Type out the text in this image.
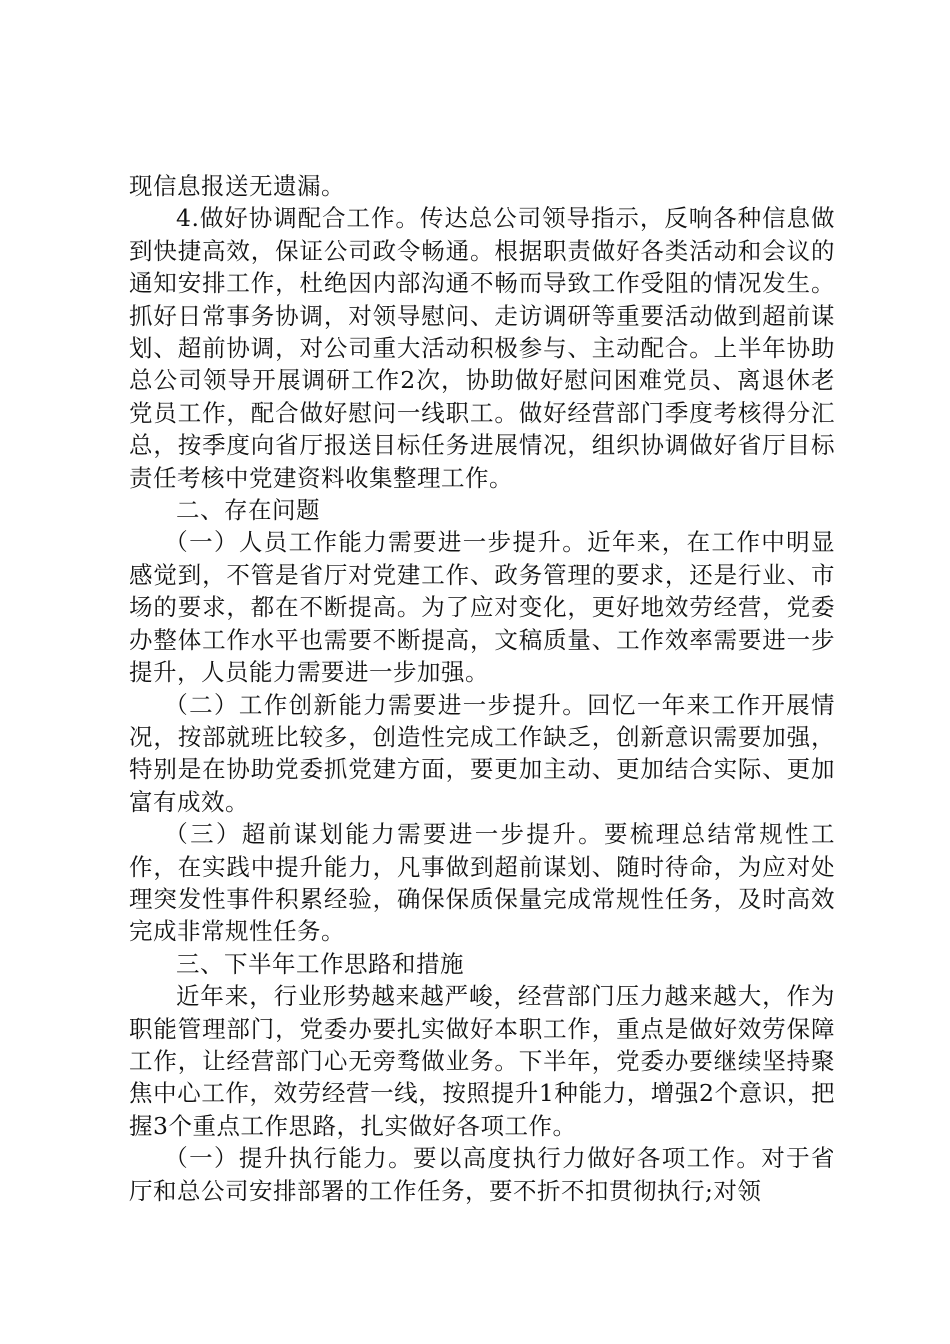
现信息报送无遗漏。

4.做好协调配合工作。传达总公司领导指示，反响各种信息做到快捷高效，保证公司政令畅通。根据职责做好各类活动和会议的通知安排工作，杜绝因内部沟通不畅而导致工作受阻的情况发生。抓好日常事务协调，对领导慰问、走访调研等重要活动做到超前谋划、超前协调，对公司重大活动积极参与、主动配合。上半年协助总公司领导开展调研工作2次，协助做好慰问困难党员、离退休老党员工作，配合做好慰问一线职工。做好经营部门季度考核得分汇总，按季度向省厅报送目标任务进展情况，组织协调做好省厅目标责任考核中党建资料收集整理工作。

二、存在问题

（一）人员工作能力需要进一步提升。近年来，在工作中明显感觉到，不管是省厅对党建工作、政务管理的要求，还是行业、市场的要求，都在不断提高。为了应对变化，更好地效劳经营，党委办整体工作水平也需要不断提高，文稿质量、工作效率需要进一步提升，人员能力需要进一步加强。

（二）工作创新能力需要进一步提升。回忆一年来工作开展情况，按部就班比较多，创造性完成工作缺乏，创新意识需要加强，特别是在协助党委抓党建方面，要更加主动、更加结合实际、更加富有成效。

（三）超前谋划能力需要进一步提升。要梳理总结常规性工作，在实践中提升能力，凡事做到超前谋划、随时待命，为应对处理突发性事件积累经验，确保保质保量完成常规性任务，及时高效完成非常规性任务。

三、下半年工作思路和措施

近年来，行业形势越来越严峻，经营部门压力越来越大，作为职能管理部门，党委办要扎实做好本职工作，重点是做好效劳保障工作，让经营部门心无旁骛做业务。下半年，党委办要继续坚持聚焦中心工作，效劳经营一线，按照提升1种能力，增强2个意识，把握3个重点工作思路，扎实做好各项工作。

（一）提升执行能力。要以高度执行力做好各项工作。对于省厅和总公司安排部署的工作任务，要不折不扣贯彻执行;对领
